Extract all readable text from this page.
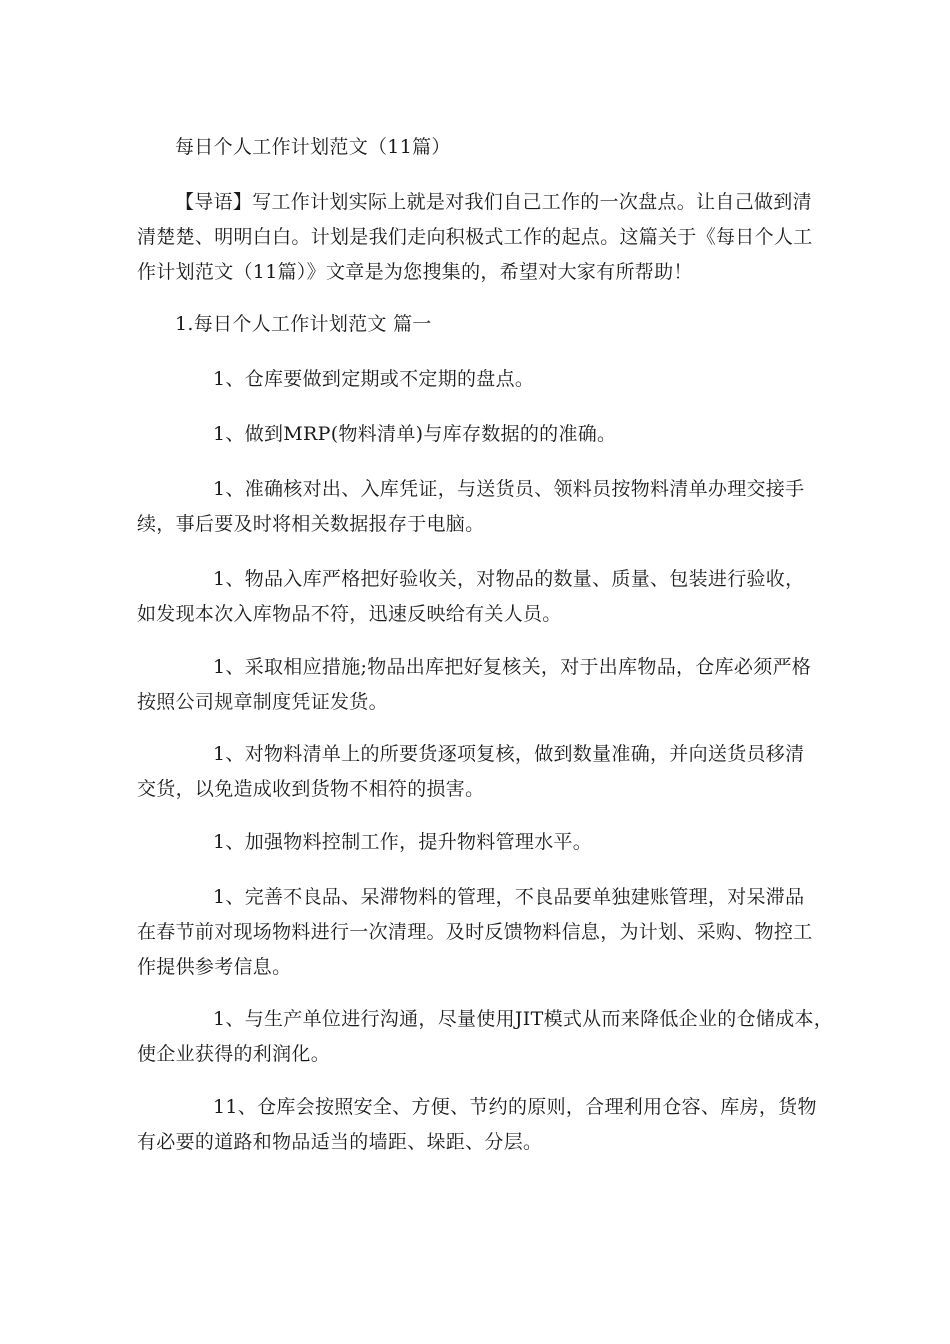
每日个人工作计划范文（11篇）
【导语】写工作计划实际上就是对我们自己工作的一次盘点。让自己做到清
清楚楚、明明白白。计划是我们走向积极式工作的起点。这篇关于《每日个人工
作计划范文（11篇）》文章是为您搜集的，希望对大家有所帮助！
1.每日个人工作计划范文 篇一
1、仓库要做到定期或不定期的盘点。
1、做到MRP(物料清单)与库存数据的的准确。
1、准确核对出、入库凭证，与送货员、领料员按物料清单办理交接手
续，事后要及时将相关数据报存于电脑。
1、物品入库严格把好验收关，对物品的数量、质量、包装进行验收，
如发现本次入库物品不符，迅速反映给有关人员。
1、采取相应措施;物品出库把好复核关，对于出库物品，仓库必须严格
按照公司规章制度凭证发货。
1、对物料清单上的所要货逐项复核，做到数量准确，并向送货员移清
交货，以免造成收到货物不相符的损害。
1、加强物料控制工作，提升物料管理水平。
1、完善不良品、呆滞物料的管理，不良品要单独建账管理，对呆滞品
在春节前对现场物料进行一次清理。及时反馈物料信息，为计划、采购、物控工
作提供参考信息。
1、与生产单位进行沟通，尽量使用JIT模式从而来降低企业的仓储成本，
使企业获得的利润化。
11、仓库会按照安全、方便、节约的原则，合理利用仓容、库房，货物
有必要的道路和物品适当的墙距、垛距、分层。
